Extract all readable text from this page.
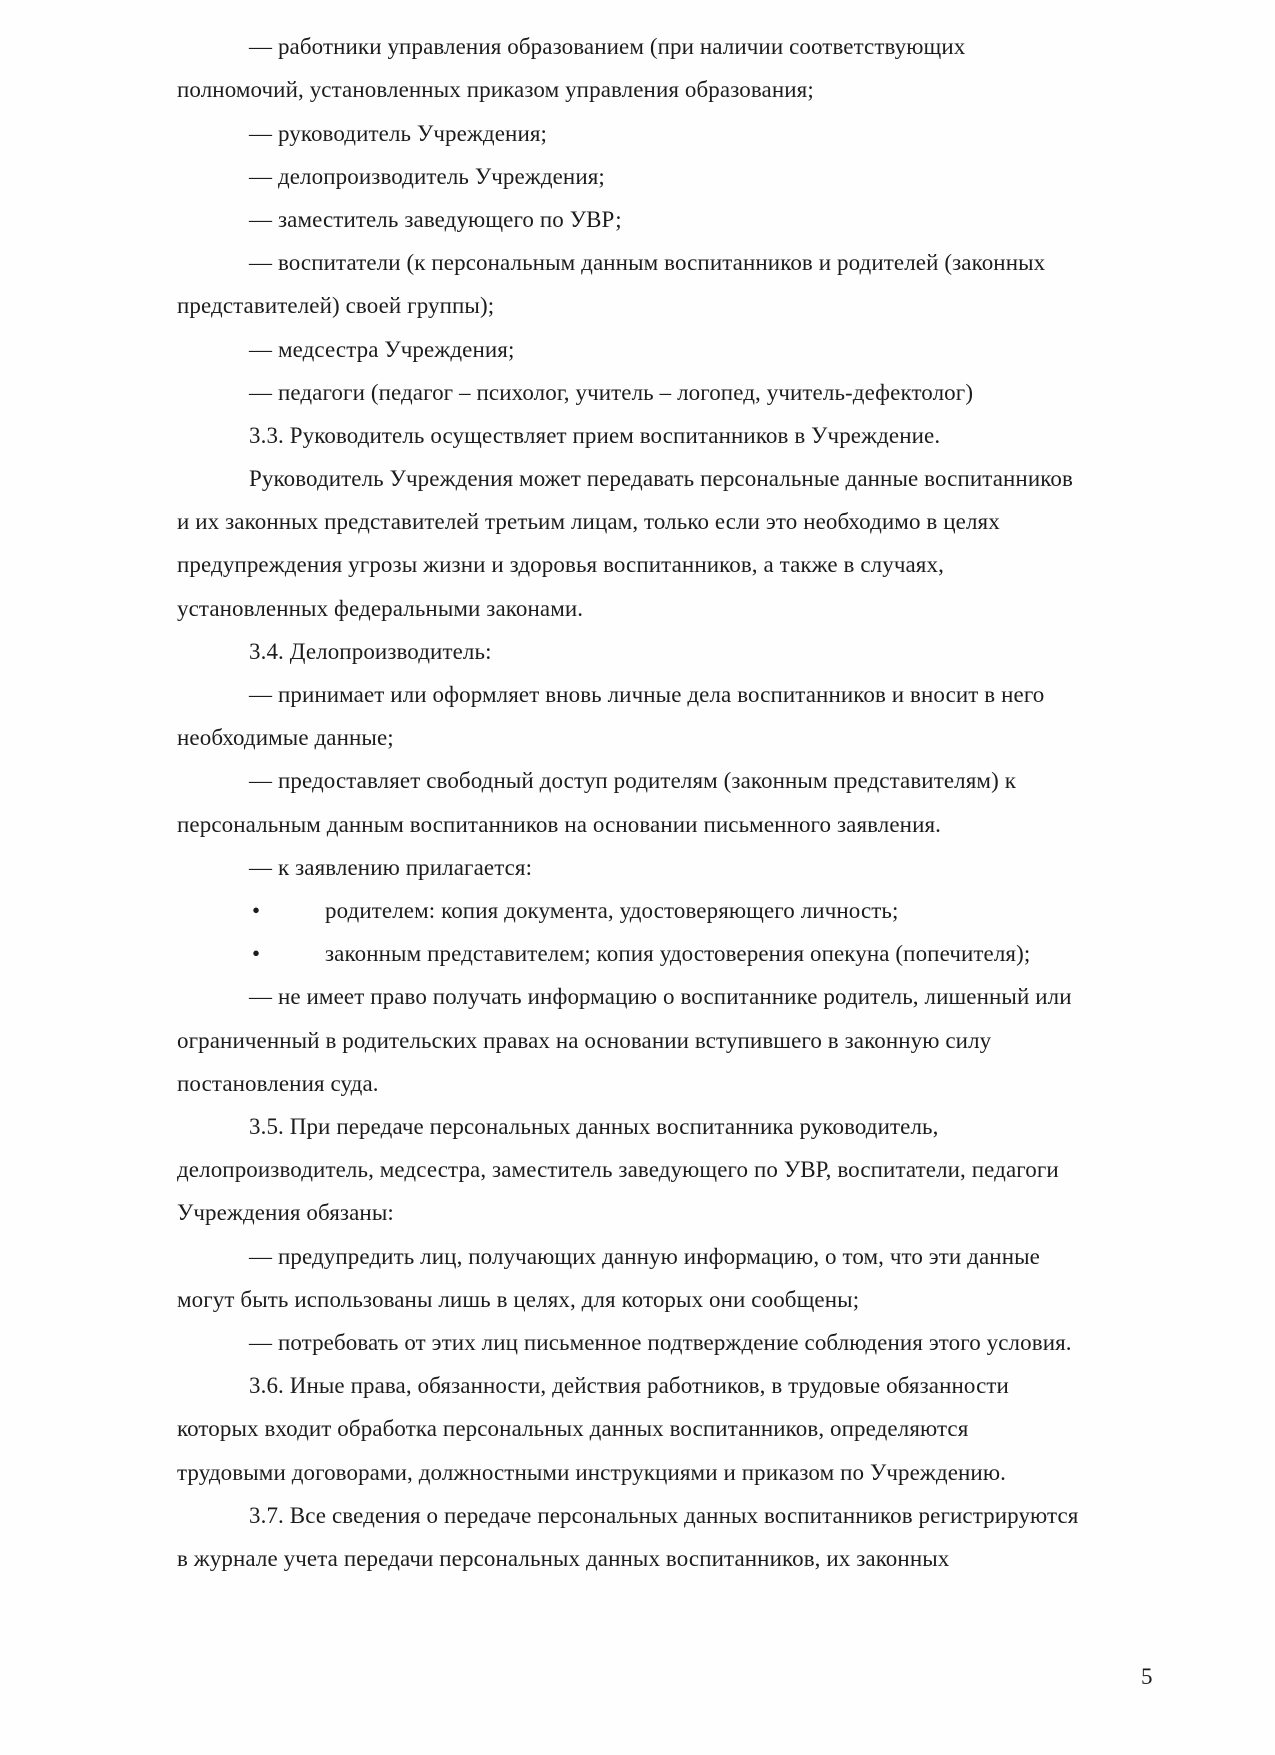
— работники управления образованием (при наличии соответствующих
полномочий, установленных приказом управления образования;
— руководитель Учреждения;
— делопроизводитель Учреждения;
— заместитель заведующего по УВР;
— воспитатели (к персональным данным воспитанников и родителей (законных
представителей) своей группы);
— медсестра Учреждения;
— педагоги (педагог – психолог, учитель – логопед, учитель-дефектолог)
3.3. Руководитель осуществляет прием воспитанников в Учреждение.
Руководитель Учреждения может передавать персональные данные воспитанников
и их законных представителей третьим лицам, только если это необходимо в целях
предупреждения угрозы жизни и здоровья воспитанников, а также в случаях,
установленных федеральными законами.
3.4. Делопроизводитель:
— принимает или оформляет вновь личные дела воспитанников и вносит в него
необходимые данные;
— предоставляет свободный доступ родителям (законным представителям) к
персональным данным воспитанников на основании письменного заявления.
— к заявлению прилагается:
•	родителем: копия документа, удостоверяющего личность;
•	законным представителем; копия удостоверения опекуна (попечителя);
— не имеет право получать информацию о воспитаннике родитель, лишенный или
ограниченный в родительских правах на основании вступившего в законную силу
постановления суда.
3.5. При передаче персональных данных воспитанника руководитель,
делопроизводитель, медсестра, заместитель заведующего по УВР, воспитатели, педагоги
Учреждения обязаны:
— предупредить лиц, получающих данную информацию, о том, что эти данные
могут быть использованы лишь в целях, для которых они сообщены;
— потребовать от этих лиц письменное подтверждение соблюдения этого условия.
3.6. Иные права, обязанности, действия работников, в трудовые обязанности
которых входит обработка персональных данных воспитанников, определяются
трудовыми договорами, должностными инструкциями и приказом по Учреждению.
3.7. Все сведения о передаче персональных данных воспитанников регистрируются
в журнале учета передачи персональных данных воспитанников, их законных
5
